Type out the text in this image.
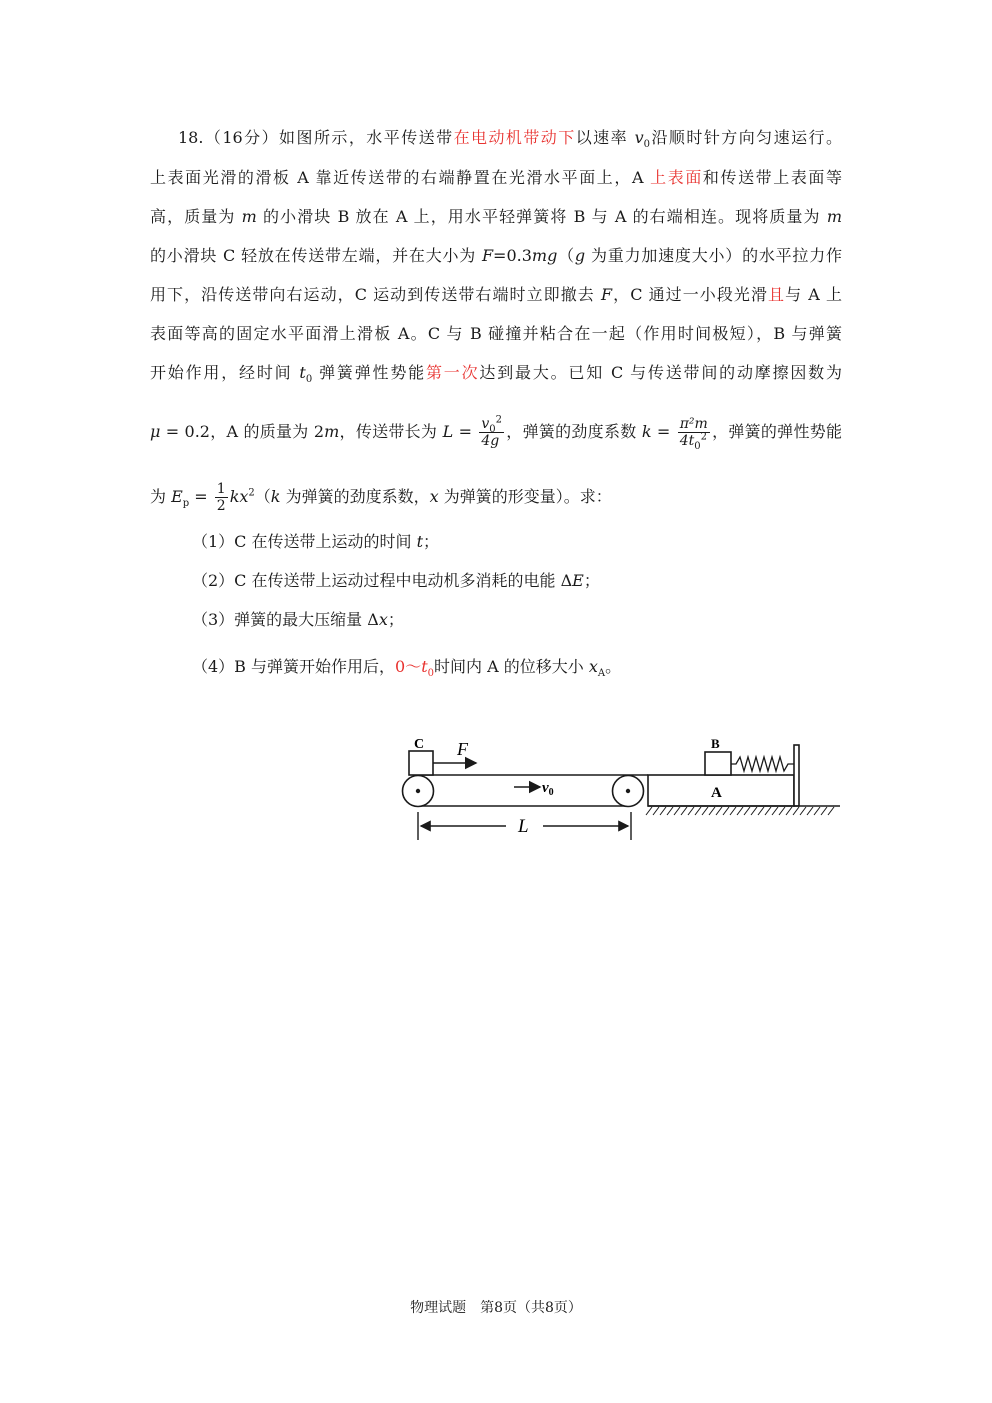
18.（16分）如图所示，水平传送带在电动机带动下以速率 $v_0$沿顺时针方向匀速运行。
上表面光滑的滑板 A 靠近传送带的右端静置在光滑水平面上，A 上表面和传送带上表面等
高，质量为 m 的小滑块 B 放在 A 上，用水平轻弹簧将 B 与 A 的右端相连。现将质量为 m
的小滑块 C 轻放在传送带左端，并在大小为 F=0.3mg（g 为重力加速度大小）的水平拉力作
用下，沿传送带向右运动，C 运动到传送带右端时立即撤去 F，C 通过一小段光滑且与 A 上
表面等高的固定水平面滑上滑板 A。C 与 B 碰撞并粘合在一起（作用时间极短），B 与弹簧
开始作用，经时间 $t_0$ 弹簧弹性势能第一次达到最大。已知 C 与传送带间的动摩擦因数为
μ = 0.2，A 的质量为 2m，传送带长为 $L = \frac{v_0^2}{4g}$ ，弹簧的劲度系数 $k = \frac{\text{π²m}}{4t_0^2}$ ，弹簧的弹性势能
为 $E_p = \frac{1}{2} kx^2(k$ 为弹簧的劲度系数，x 为弹簧的形变量）。求：
（1）C 在传送带上运动的时间 t；
（2）C 在传送带上运动过程中电动机多消耗的电能 ΔE；
（3）弹簧的最大压缩量 Δx；
（4）B 与弹簧开始作用后，$0\sim t_0$时间内 A 的位移大小 $x_A$。
C F
$v_0$
L
A
B
物理试题　第8页（共8页）
